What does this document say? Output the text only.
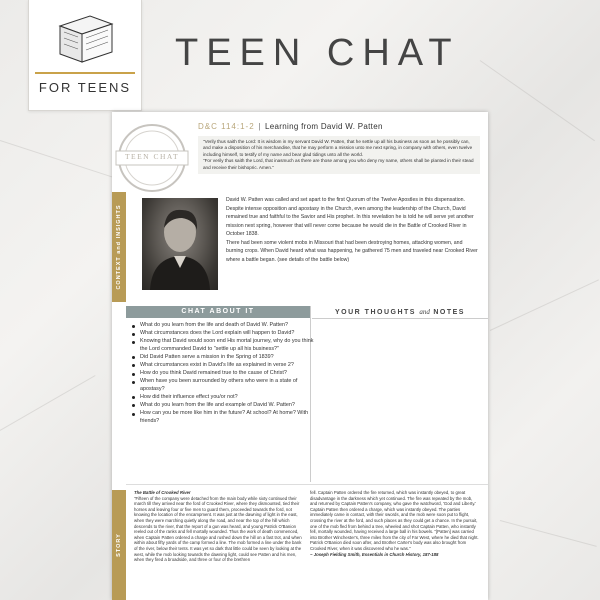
FOR TEENS
TEEN CHAT
TEEN CHAT
D&C 114:1-2 | Learning from David W. Patten

"Verily thus saith the Lord: It is wisdom in my servant David W. Patten, that he settle up all his business as soon as he possibly can, and make a disposition of his merchandise, that he may perform a mission unto me next spring, in company with others, even twelve including himself, to testify of my name and bear glad tidings unto all the world.

"For verily thus saith the Lord, that inasmuch as there are those among you who deny my name, others shall be planted in their stead and receive their bishopric. Amen."

CONTEXT and INSIGHTS

David W. Patten was called and set apart to the first Quorum of the Twelve Apostles in this dispensation. Despite intense opposition and apostasy in the Church, even among the leadership of the Church, David remained true and faithful to the Savior and His prophet. In this revelation he is told he will serve yet another mission next spring, however that will never come because he would die in the Battle of Crooked River in October 1838.

There had been some violent mobs in Missouri that had been destroying homes, attacking women, and burning crops. When David heard what was happening, he gathered 75 men and traveled near Crooked River where a battle began. (see details of the battle below)

CHAT ABOUT IT	YOUR THOUGHTS and NOTES
What do you learn from the life and death of David W. Patten?
What circumstances does the Lord explain will happen to David?
Knowing that David would soon end His mortal journey, why do you think the Lord commanded David to "settle up all his business?"
Did David Patten serve a mission in the Spring of 1839?
What circumstances exist in David's life as explained in verse 2?
How do you think David remained true to the cause of Christ?
When have you been surrounded by others who were in a state of apostasy?
How did their influence effect you/or not?
What do you learn from the life and example of David W. Patten?
How can you be more like him in the future? At school? At home? With friends?
STORY

The Battle of Crooked River

"Fifteen of the company were detached from the main body while sixty continued their march till they arrived near the ford of Crooked River, where they dismounted, tied their horses and leaving four or five men to guard them, proceeded towards the ford, not knowing the location of the encampment. It was just at the dawning of light in the east, when they were marching quietly along the road, and near the top of the hill which descends to the river, that the report of a gun was heard, and young Patrick O'Banion reeled out of the ranks and fell mortally wounded. Thus the work of death commenced, when Captain Patten ordered a charge and rushed down the hill on a fast trot, and when within about fifty yards of the camp formed a line. The mob formed a line under the bank of the river, below their tents. It was yet so dark that little could be seen by looking at the west, while the mob looking towards the dawning light, could see Patten and his men, when they fired a broadside, and three or four of the brethren

fell. Captain Patten ordered the fire returned, which was instantly obeyed, to great disadvantage in the darkness which yet continued. The fire was repeated by the mob, and returned by Captain Patten's company, who gave the watchword, 'God and Liberty.' Captain Patten then ordered a charge, which was instantly obeyed. The parties immediately came in contact, with their swords, and the mob were soon put to flight, crossing the river at the ford, and such places as they could get a chance. In the pursuit, one of the mob fled from behind a tree, wheeled and shot Captain Patten, who instantly fell, mortally wounded, having received a large ball in his bowels. "[Patten] was carried into Brother Winchester's, three miles from the city of Far West, where he died that night. Patrick O'Banion died soon after, and Brother Carter's body was also brought from Crooked River, when it was discovered who he was."

~ Joseph Fielding Smith, Essentials in Church History, 187-188
